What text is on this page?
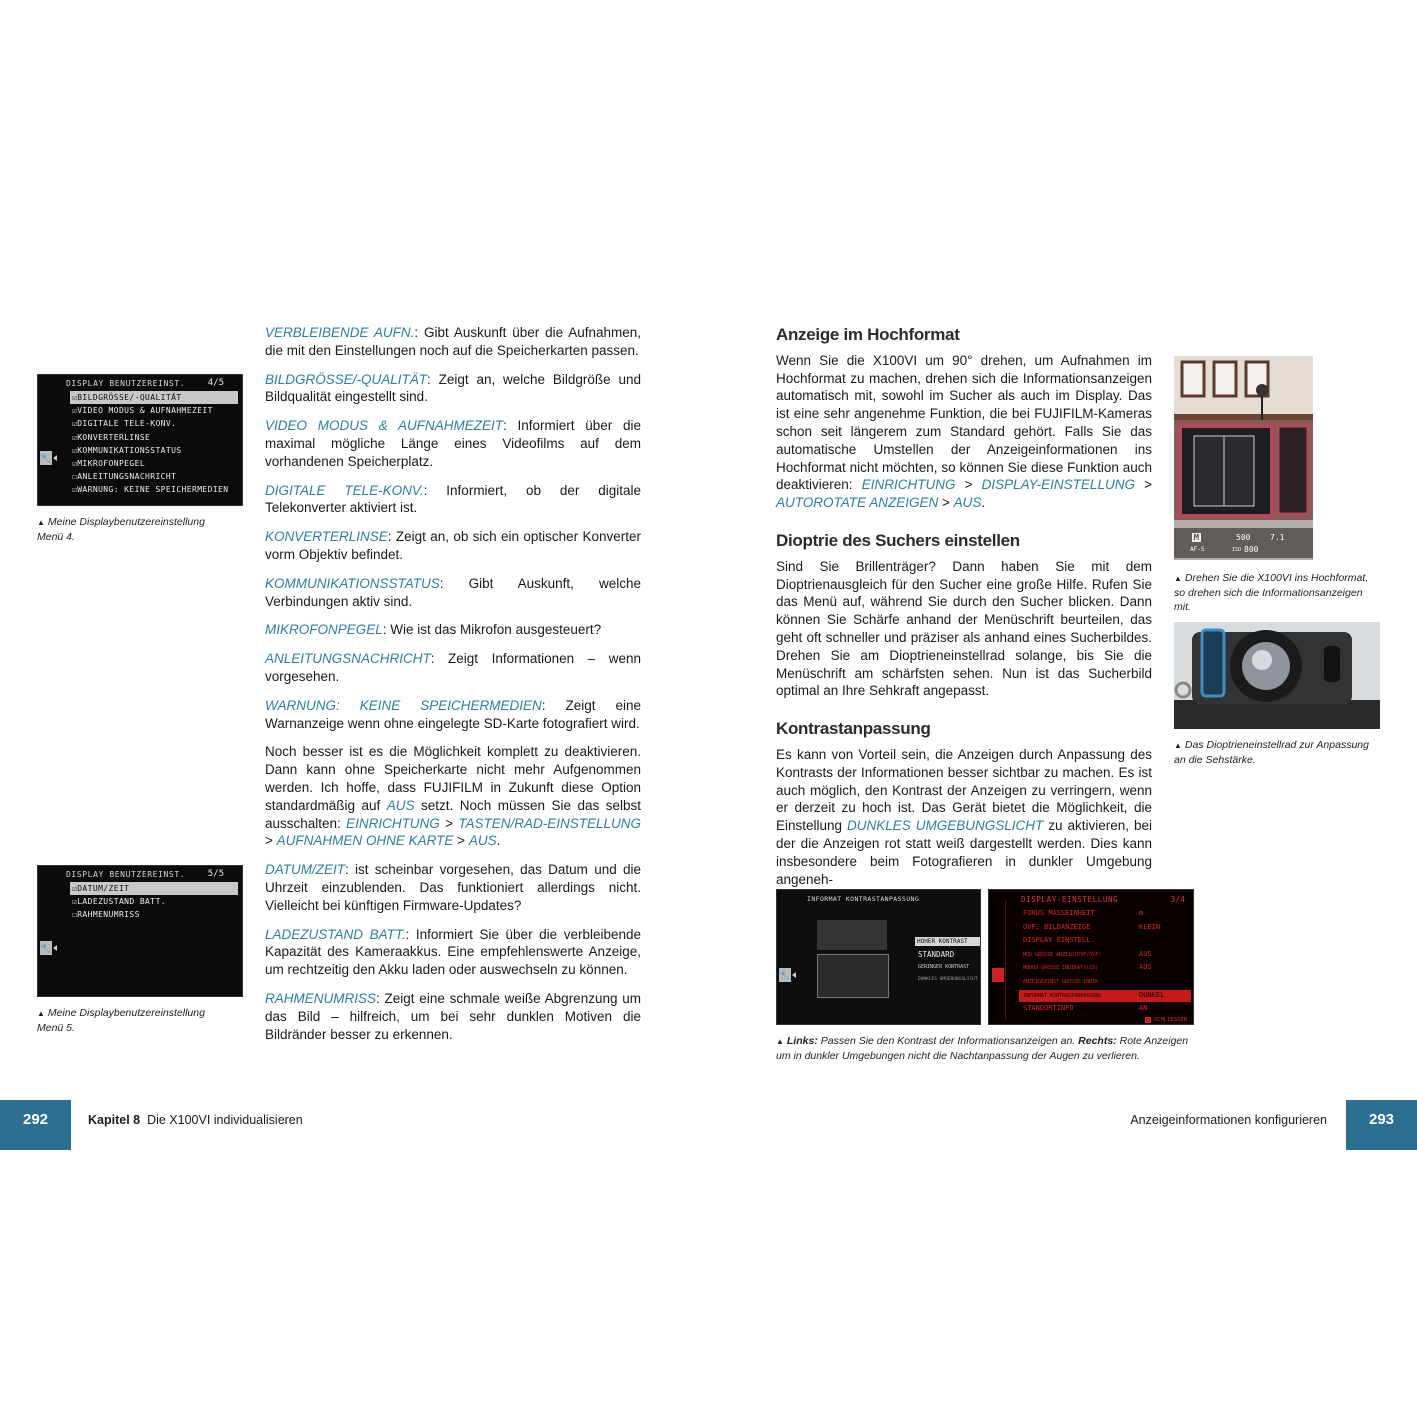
DISPLAY BENUTZEREINST.	4/5
🔧
☑BILDGRÖSSE/-QUALITÄT
☑VIDEO MODUS & AUFNAHMEZEIT
☑DIGITALE TELE-KONV.
☑KONVERTERLINSE
☑KOMMUNIKATIONSSTATUS
☑MIKROFONPEGEL
☐ANLEITUNGSNACHRICHT
☑WARNUNG: KEINE SPEICHERMEDIEN
▲ Meine Displaybenutzereinstellung
Menü 4.
DISPLAY BENUTZEREINST.	5/5
🔧
☑DATUM/ZEIT
☑LADEZUSTAND BATT.
☐RAHMENUMRISS
▲ Meine Displaybenutzereinstellung
Menü 5.

VERBLEIBENDE AUFN.: Gibt Auskunft über die Aufnahmen, die mit den Einstellungen noch auf die Speicherkarten passen.

BILDGRÖSSE/-QUALITÄT: Zeigt an, welche Bildgröße und Bildqualität eingestellt sind.

VIDEO MODUS & AUFNAHMEZEIT: Informiert über die maximal mögliche Länge eines Videofilms auf dem vorhandenen Speicherplatz.

DIGITALE TELE-KONV.: Informiert, ob der digitale Telekonverter aktiviert ist.

KONVERTERLINSE: Zeigt an, ob sich ein optischer Konverter vorm Objektiv befindet.

KOMMUNIKATIONSSTATUS: Gibt Auskunft, welche Verbindungen aktiv sind.

MIKROFONPEGEL: Wie ist das Mikrofon ausgesteuert?

ANLEITUNGSNACHRICHT: Zeigt Informationen – wenn vorgesehen.

WARNUNG: KEINE SPEICHERMEDIEN: Zeigt eine Warnanzeige wenn ohne eingelegte SD-Karte fotografiert wird.

Noch besser ist es die Möglichkeit komplett zu deaktivieren. Dann kann ohne Speicherkarte nicht mehr Aufgenommen werden. Ich hoffe, dass FUJIFILM in Zukunft diese Option standardmäßig auf AUS setzt. Noch müssen Sie das selbst ausschalten: EINRICHTUNG > TASTEN/RAD-EINSTELLUNG > AUFNAHMEN OHNE KARTE > AUS.

DATUM/ZEIT: ist scheinbar vorgesehen, das Datum und die Uhrzeit einzublenden. Das funktioniert allerdings nicht. Vielleicht bei künftigen Firmware-Updates?

LADEZUSTAND BATT.: Informiert Sie über die verbleibende Kapazität des Kameraakkus. Eine empfehlenswerte Anzeige, um rechtzeitig den Akku laden oder auswechseln zu können.

RAHMENUMRISS: Zeigt eine schmale weiße Abgrenzung um das Bild – hilfreich, um bei sehr dunklen Motiven die Bildränder besser zu erkennen.

Anzeige im Hochformat

Wenn Sie die X100VI um 90° drehen, um Aufnahmen im Hochformat zu machen, drehen sich die Informationsanzeigen automatisch mit, sowohl im Sucher als auch im Display. Das ist eine sehr angenehme Funktion, die bei FUJIFILM-Kameras schon seit längerem zum Standard gehört. Falls Sie das automatische Umstellen der Anzeigeinformationen ins Hochformat nicht möchten, so können Sie diese Funktion auch deaktivieren: EINRICHTUNG > DISPLAY-EINSTELLUNG > AUTOROTATE ANZEIGEN > AUS.

Dioptrie des Suchers einstellen

Sind Sie Brillenträger? Dann haben Sie mit dem Dioptrienausgleich für den Sucher eine große Hilfe. Rufen Sie das Menü auf, während Sie durch den Sucher blicken. Dann können Sie Schärfe anhand der Menüschrift beurteilen, das geht oft schneller und präziser als anhand eines Sucherbildes. Drehen Sie am Dioptrieneinstellrad solange, bis Sie die Menüschrift am schärfsten sehen. Nun ist das Sucherbild optimal an Ihre Sehkraft angepasst.

Kontrastanpassung

Es kann von Vorteil sein, die Anzeigen durch Anpassung des Kontrasts der Informationen besser sichtbar zu machen. Es ist auch möglich, den Kontrast der Anzeigen zu verringern, wenn er derzeit zu hoch ist. Das Gerät bietet die Möglichkeit, die Einstellung DUNKLES UMGEBUNGSLICHT zu aktivieren, bei der die Anzeigen rot statt weiß dargestellt werden. Dies kann insbesondere beim Fotografieren in dunkler Umgebung angeneh-

M	500 7.1
AF-S	ISO 800
▲ Drehen Sie die X100VI ins Hochformat, so drehen sich die Informationsanzeigen mit.
▲ Das Dioptrieneinstellrad zur Anpassung an die Sehstärke.
INFORMAT KONTRASTANPASSUNG
🔧
HOHER KONTRAST
STANDARD
GERINGER KONTRAST
DUNKLES UMGEBUNGSLICHT
DISPLAY-EINSTELLUNG	3/4
FOKUS MASSEINHEIT	m
OVF, BILDANZEIGE	KLEIN
DISPLAY EINSTELL.
MOD GROSSE ANZEIG(EVF/OVF)	AUS
MODUS GROSSE INDIKAT(LCD)	AUS
ANZEIGEEINST GROSSE INDIK
INFORMAT KONTRASTANPASSUNG	DUNKEL
STANDORTINFO	AN
□ SCHLIESSEN
▲ Links: Passen Sie den Kontrast der Informationsanzeigen an. Rechts: Rote Anzeigen um in dunkler Umgebungen nicht die Nachtanpassung der Augen zu verlieren.
292	Kapitel 8 Die X100VI individualisieren	Anzeigeinformationen konfigurieren	293
